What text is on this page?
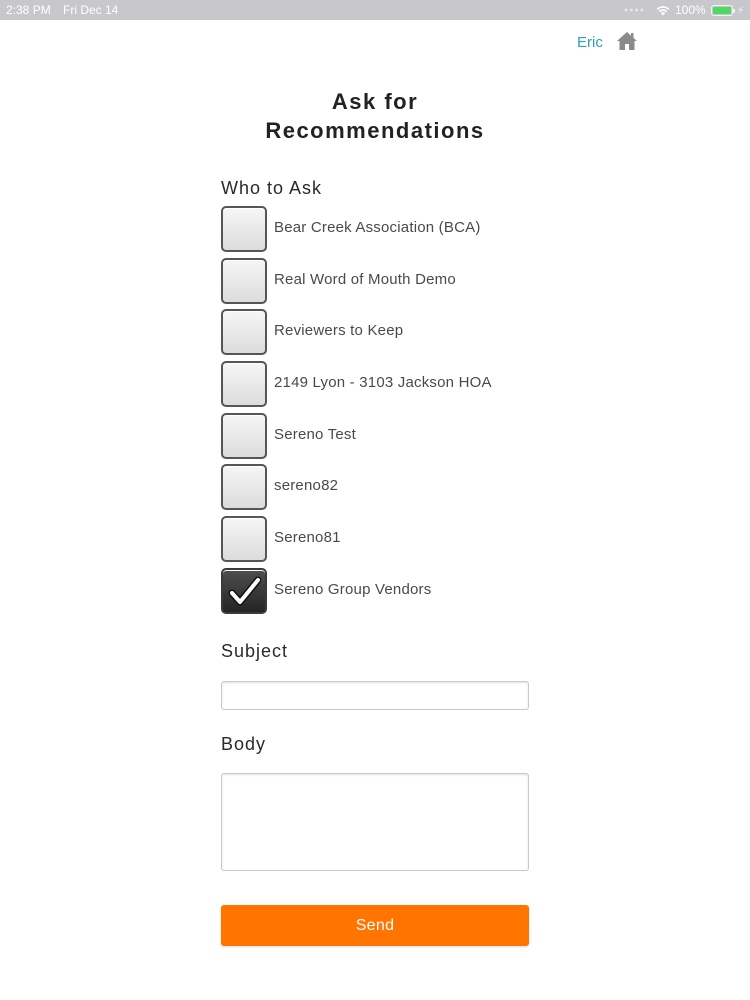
2:38 PM Fri Dec 14	●●●●	100%	⚡
Eric
Ask for
Recommendations
Who to Ask
Bear Creek Association (BCA)
Real Word of Mouth Demo
Reviewers to Keep
2149 Lyon - 3103 Jackson HOA
Sereno Test
sereno82
Sereno81
Sereno Group Vendors
Subject
Body
Send
